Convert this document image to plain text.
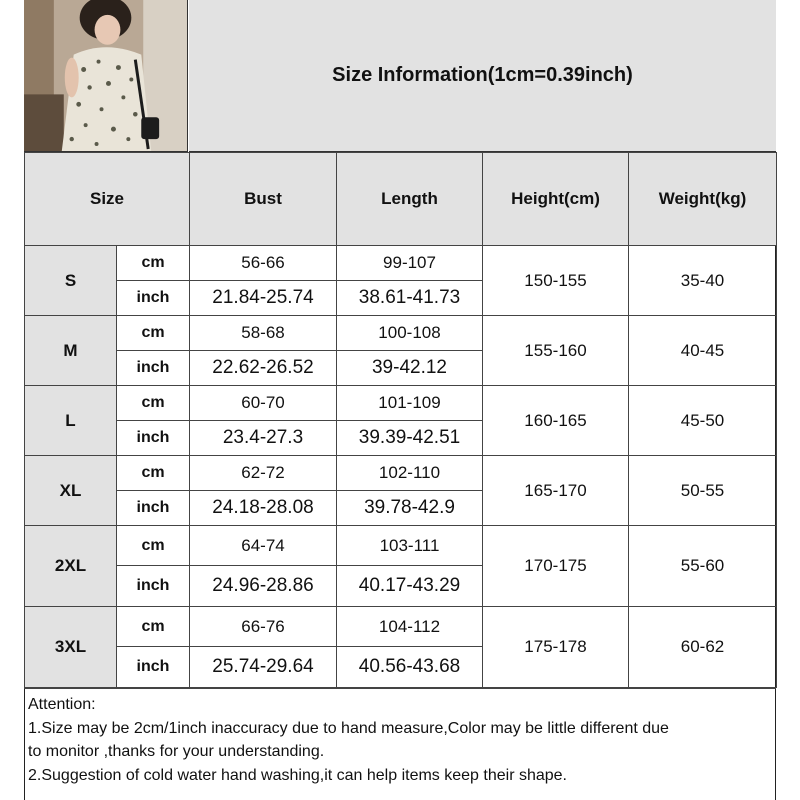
Size Information(1cm=0.39inch)
Size		Bust	Length	Height(cm)	Weight(kg)
S	cm	56-66	99-107	150-155	35-40
	inch	21.84-25.74	38.61-41.73		
M	cm	58-68	100-108	155-160	40-45
	inch	22.62-26.52	39-42.12		
L	cm	60-70	101-109	160-165	45-50
	inch	23.4-27.3	39.39-42.51		
XL	cm	62-72	102-110	165-170	50-55
	inch	24.18-28.08	39.78-42.9		
2XL	cm	64-74	103-111	170-175	55-60
	inch	24.96-28.86	40.17-43.29		
3XL	cm	66-76	104-112	175-178	60-62
	inch	25.74-29.64	40.56-43.68		
Attention:
1.Size may be 2cm/1inch inaccuracy due to hand measure,Color may be little different due
to monitor ,thanks for your understanding.
2.Suggestion of cold water hand washing,it can help items keep their shape.
